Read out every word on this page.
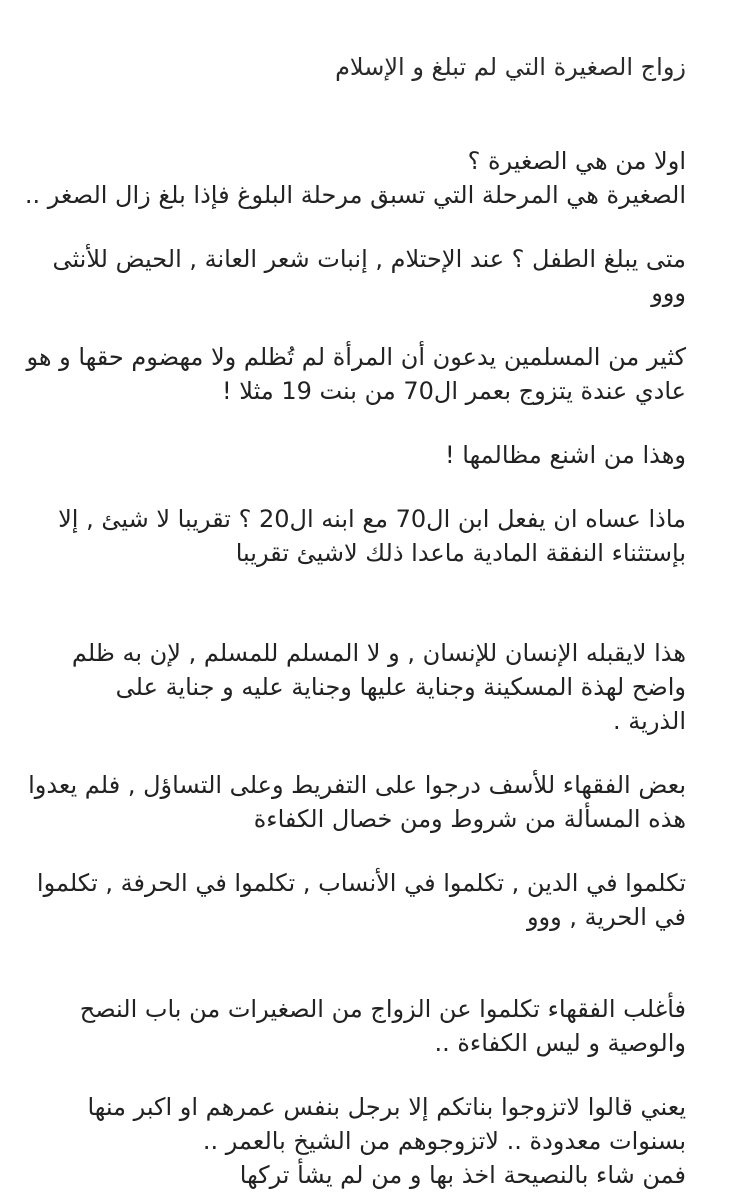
زواج الصغيرة التي لم تبلغ و الإسلام

اولا من هي الصغيرة ؟
الصغيرة هي المرحلة التي تسبق مرحلة البلوغ فإذا بلغ زال الصغر ..

متى يبلغ الطفل ؟ عند الإحتلام , إنبات شعر العانة , الحيض للأنثى
ووو

كثير من المسلمين يدعون أن المرأة لم تُظلم ولا مهضوم حقها و هو
عادي عندة يتزوج بعمر ال70 من بنت 19 مثلا !

وهذا من اشنع مظالمها !

ماذا عساه ان يفعل ابن ال70 مع ابنه ال20 ؟ تقريبا لا شيئ , إلا
بإستثناء النفقة المادية ماعدا ذلك لاشيئ تقريبا

هذا لايقبله الإنسان للإنسان , و لا المسلم للمسلم , لإن به ظلم
واضح لهذة المسكينة وجناية عليها وجناية عليه و جناية على
الذرية .

بعض الفقهاء للأسف درجوا على التفريط وعلى التساؤل , فلم يعدوا
هذه المسألة من شروط ومن خصال الكفاءة

تكلموا في الدين , تكلموا في الأنساب , تكلموا في الحرفة , تكلموا
في الحرية , ووو

فأغلب الفقهاء تكلموا عن الزواج من الصغيرات من باب النصح
والوصية و ليس الكفاءة ..

يعني قالوا لاتزوجوا بناتكم إلا برجل بنفس عمرهم او اكبر منها
بسنوات معدودة .. لاتزوجوهم من الشيخ بالعمر ..
فمن شاء بالنصيحة اخذ بها و من لم يشأ تركها
